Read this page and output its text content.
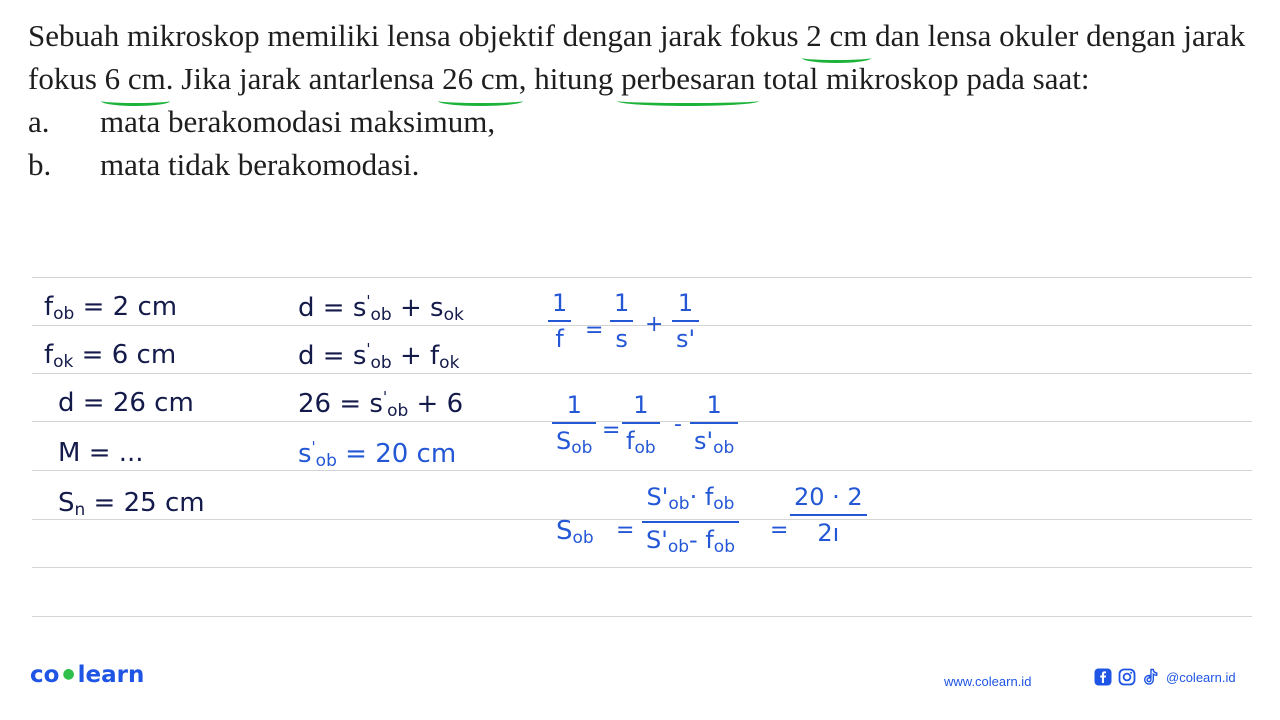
Sebuah mikroskop memiliki lensa objektif dengan jarak fokus 2 cm dan lensa okuler dengan jarak fokus 6 cm. Jika jarak antarlensa 26 cm, hitung perbesaran total mikroskop pada saat:

a.	mata berakomodasi maksimum,
b.	mata tidak berakomodasi.
$f_{ob} = 2$ cm
$f_{ok} = 6$ cm
d = 26 cm
M = ...
$S_n = 25$ cm
$d = s'_{ob} + s_{ok}$
$d = s'_{ob} + f_{ok}$
$26 = s'_{ob} + 6$
$s'_{ob} = 20$ cm
1
f =
1
s
+
1
s'
1
$S_{ob}$
=
1
$f_{ob}$
-
1
$s'_{ob}$
$S_{ob}$ =
$S'_{ob}\cdot f_{ob}$
$S'_{ob}-$ $f_{ob}$
=
20 · 2
2ı
co ● learn	www.colearn.id	@colearn.id
